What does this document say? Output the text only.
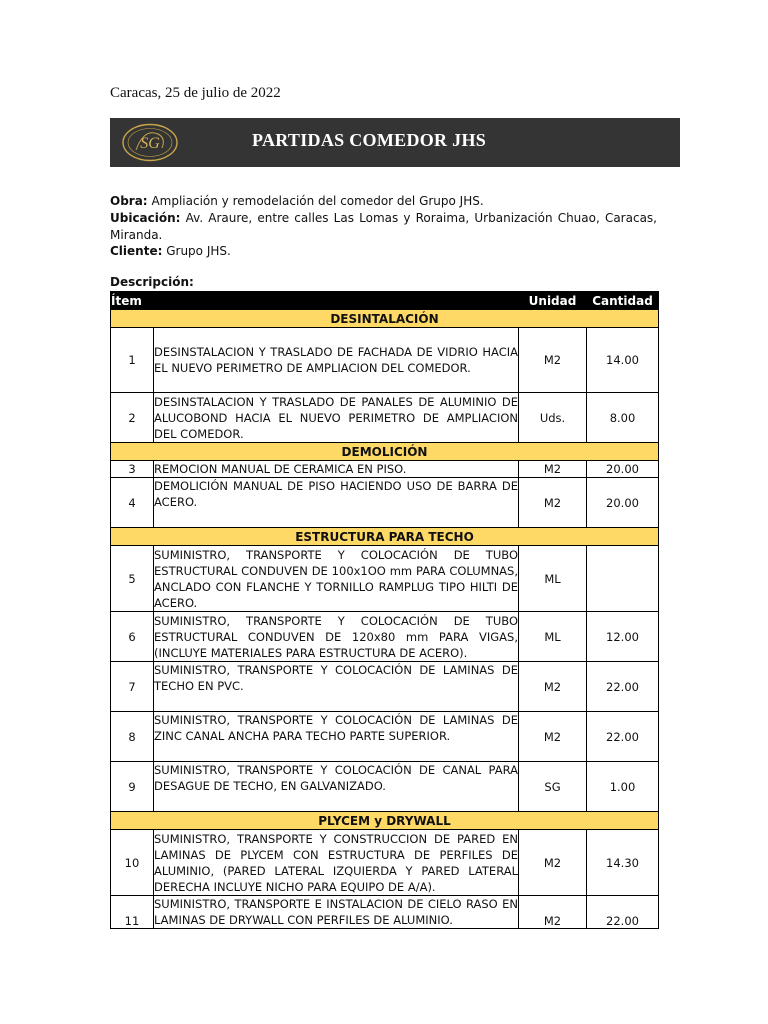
Caracas, 25 de julio de 2022
SG	PARTIDAS COMEDOR JHS
Obra: Ampliación y remodelación del comedor del Grupo JHS.
Ubicación: Av. Araure, entre calles Las Lomas y Roraima, Urbanización Chuao, Caracas, Miranda.
Cliente: Grupo JHS.
Descripción:
Ítem		Unidad	Cantidad
DESINTALACIÓN			
1	DESINSTALACION Y TRASLADO DE FACHADA DE VIDRIO HACIA EL NUEVO PERIMETRO DE AMPLIACION DEL COMEDOR.	M2	14.00
2	DESINSTALACION Y TRASLADO DE PANALES DE ALUMINIO DE ALUCOBOND HACIA EL NUEVO PERIMETRO DE AMPLIACION DEL COMEDOR.	Uds.	8.00
DEMOLICIÓN			
3	REMOCION MANUAL DE CERAMICA EN PISO.	M2	20.00
4	DEMOLICIÓN MANUAL DE PISO HACIENDO USO DE BARRA DE ACERO.	M2	20.00
ESTRUCTURA PARA TECHO			
5	SUMINISTRO, TRANSPORTE Y COLOCACIÓN DE TUBO ESTRUCTURAL CONDUVEN DE 100x1OO mm PARA COLUMNAS, ANCLADO CON FLANCHE Y TORNILLO RAMPLUG TIPO HILTI DE ACERO.	ML	
6	SUMINISTRO, TRANSPORTE Y COLOCACIÓN DE TUBO ESTRUCTURAL CONDUVEN DE 120x80 mm PARA VIGAS, (INCLUYE MATERIALES PARA ESTRUCTURA DE ACERO).	ML	12.00
7	SUMINISTRO, TRANSPORTE Y COLOCACIÓN DE LAMINAS DE TECHO EN PVC.	M2	22.00
8	SUMINISTRO, TRANSPORTE Y COLOCACIÓN DE LAMINAS DE ZINC CANAL ANCHA PARA TECHO PARTE SUPERIOR.	M2	22.00
9	SUMINISTRO, TRANSPORTE Y COLOCACIÓN DE CANAL PARA DESAGUE DE TECHO, EN GALVANIZADO.	SG	1.00
PLYCEM y DRYWALL			
10	SUMINISTRO, TRANSPORTE Y CONSTRUCCION DE PARED EN LAMINAS DE PLYCEM CON ESTRUCTURA DE PERFILES DE ALUMINIO, (PARED LATERAL IZQUIERDA Y PARED LATERAL DERECHA INCLUYE NICHO PARA EQUIPO DE A/A).	M2	14.30
11	SUMINISTRO, TRANSPORTE E INSTALACION DE CIELO RASO EN LAMINAS DE DRYWALL CON PERFILES DE ALUMINIO.	M2	22.00
